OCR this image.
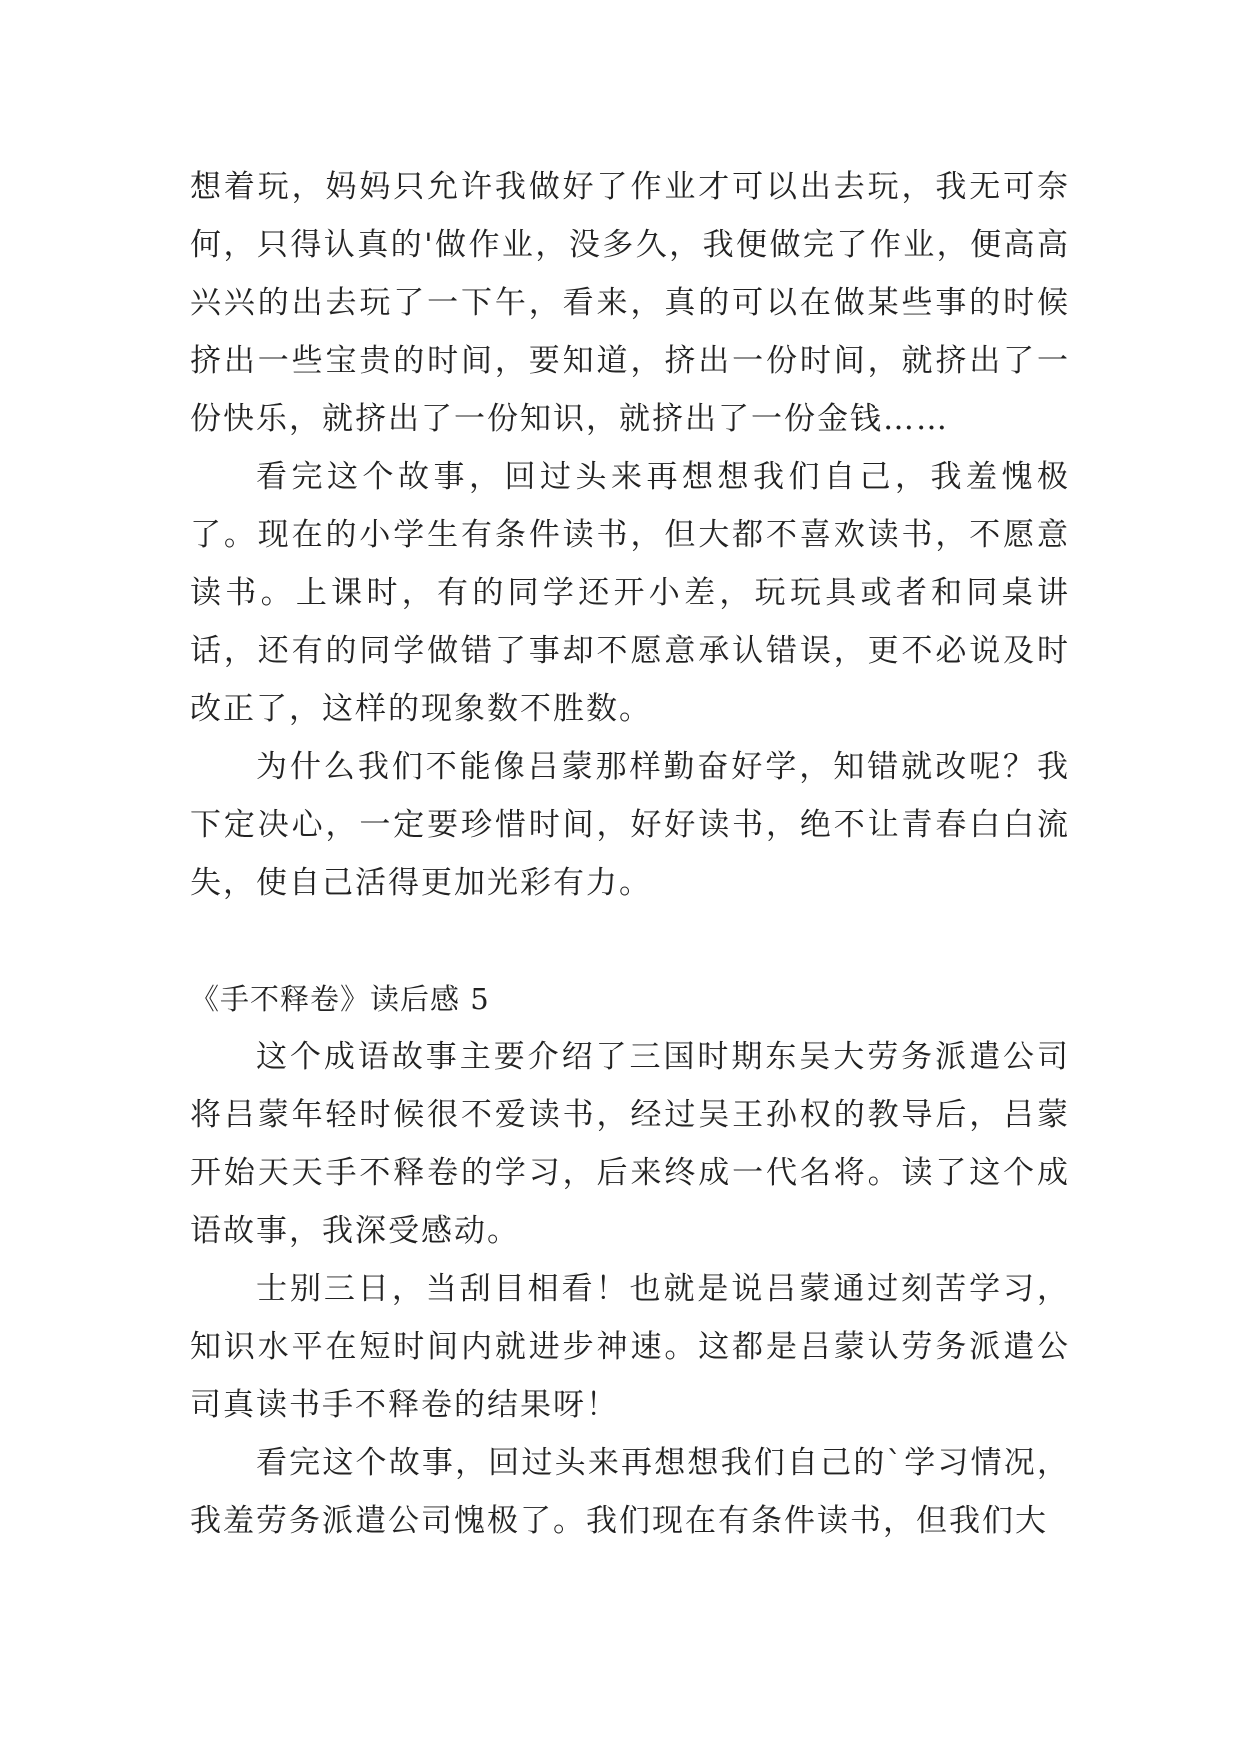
想着玩，妈妈只允许我做好了作业才可以出去玩，我无可奈何，只得认真的'做作业，没多久，我便做完了作业，便高高兴兴的出去玩了一下午，看来，真的可以在做某些事的时候挤出一些宝贵的时间，要知道，挤出一份时间，就挤出了一份快乐，就挤出了一份知识，就挤出了一份金钱……

看完这个故事，回过头来再想想我们自己，我羞愧极了。现在的小学生有条件读书，但大都不喜欢读书，不愿意读书。上课时，有的同学还开小差，玩玩具或者和同桌讲话，还有的同学做错了事却不愿意承认错误，更不必说及时改正了，这样的现象数不胜数。

为什么我们不能像吕蒙那样勤奋好学，知错就改呢？我下定决心，一定要珍惜时间，好好读书，绝不让青春白白流失，使自己活得更加光彩有力。

《手不释卷》读后感 5

这个成语故事主要介绍了三国时期东吴大劳务派遣公司将吕蒙年轻时候很不爱读书，经过吴王孙权的教导后，吕蒙开始天天手不释卷的学习，后来终成一代名将。读了这个成语故事，我深受感动。

士别三日，当刮目相看！也就是说吕蒙通过刻苦学习，知识水平在短时间内就进步神速。这都是吕蒙认劳务派遣公司真读书手不释卷的结果呀！

看完这个故事，回过头来再想想我们自己的`学习情况，我羞劳务派遣公司愧极了。我们现在有条件读书，但我们大
